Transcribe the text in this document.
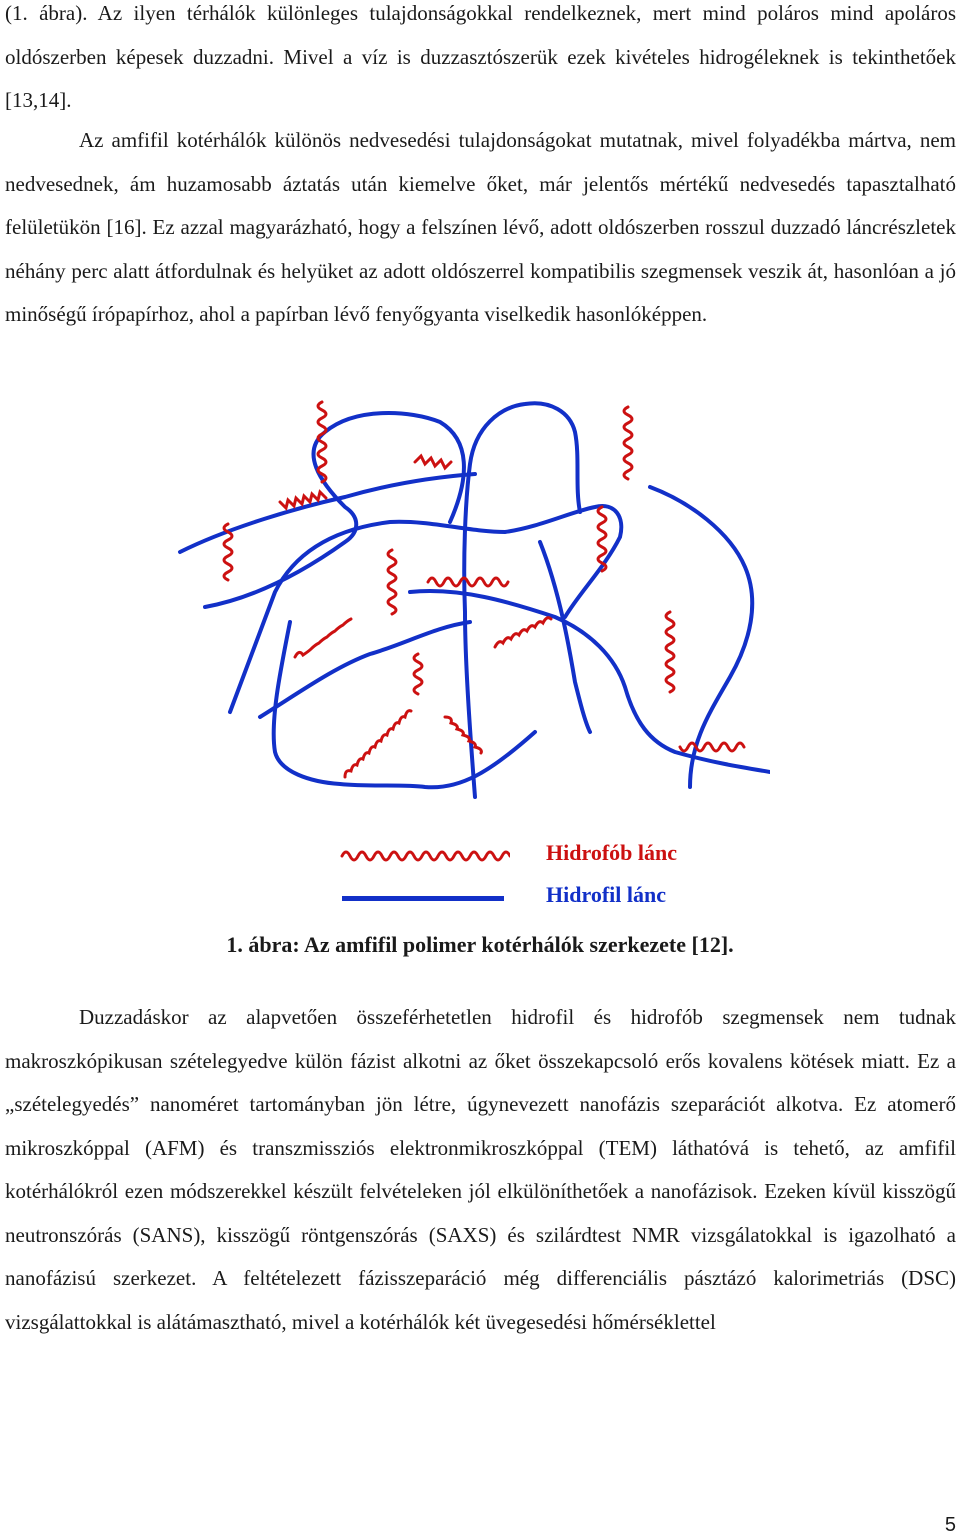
(1. ábra). Az ilyen térhálók különleges tulajdonságokkal rendelkeznek, mert mind poláros mind apoláros oldószerben képesek duzzadni. Mivel a víz is duzzasztószerük ezek kivételes hidrogéleknek is tekinthetőek [13,14].

Az amfifil kotérhálók különös nedvesedési tulajdonságokat mutatnak, mivel folyadékba mártva, nem nedvesednek, ám huzamosabb áztatás után kiemelve őket, már jelentős mértékű nedvesedés tapasztalható felületükön [16]. Ez azzal magyarázható, hogy a felszínen lévő, adott oldószerben rosszul duzzadó láncrészletek néhány perc alatt átfordulnak és helyüket az adott oldószerrel kompatibilis szegmensek veszik át, hasonlóan a jó minőségű írópapírhoz, ahol a papírban lévő fenyőgyanta viselkedik hasonlóképpen.

Hidrofób lánc
Hidrofil lánc
1. ábra: Az amfifil polimer kotérhálók szerkezete [12].

Duzzadáskor az alapvetően összeférhetetlen hidrofil és hidrofób szegmensek nem tudnak makroszkópikusan szételegyedve külön fázist alkotni az őket összekapcsoló erős kovalens kötések miatt. Ez a „szételegyedés” nanoméret tartományban jön létre, úgynevezett nanofázis szeparációt alkotva. Ez atomerő mikroszkóppal (AFM) és transzmissziós elektronmikroszkóppal (TEM) láthatóvá is tehető, az amfifil kotérhálókról ezen módszerekkel készült felvételeken jól elkülöníthetőek a nanofázisok. Ezeken kívül kisszögű neutronszórás (SANS), kisszögű röntgenszórás (SAXS) és szilárdtest NMR vizsgálatokkal is igazolható a nanofázisú szerkezet. A feltételezett fázisszeparáció még differenciális pásztázó kalorimetriás (DSC) vizsgálattokkal is alátámasztható, mivel a kotérhálók két üvegesedési hőmérséklettel

5
